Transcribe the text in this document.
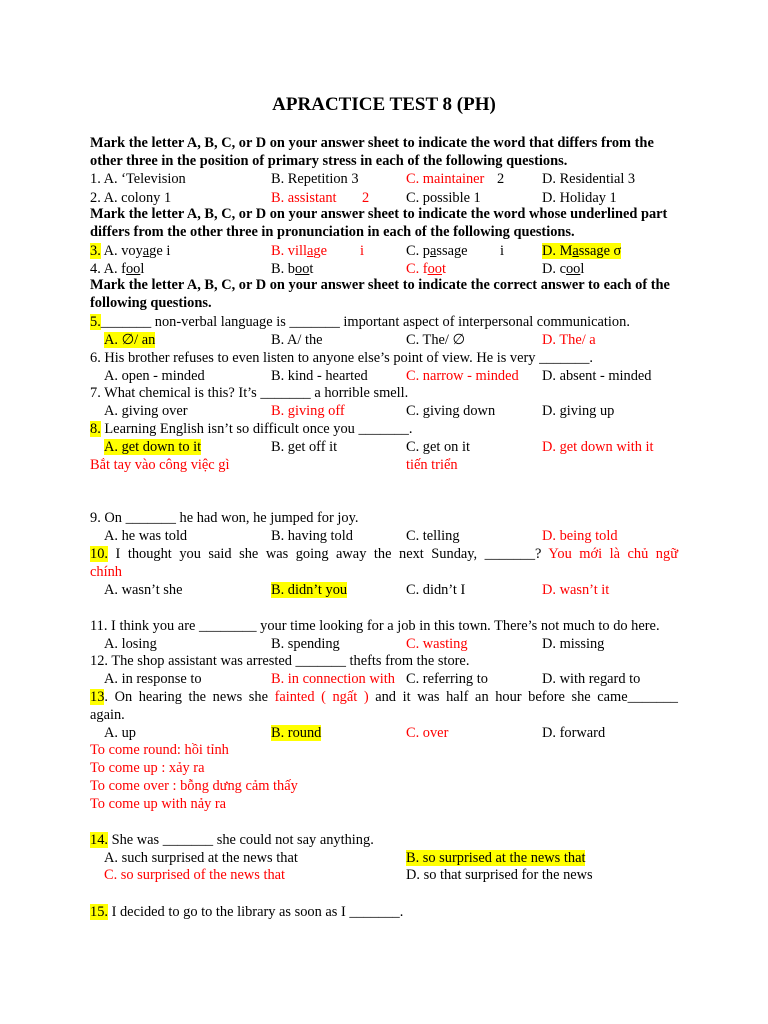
APRACTICE TEST 8 (PH)
Mark the letter A, B, C, or D on your answer sheet to indicate the word that differs from the other three in the position of primary stress in each of the following questions.
1. A. ‘Television	B. Repetition 3	C. maintainer 2	D. Residential 3
2. A. colony 1	B. assistant 2	C. possible 1	D. Holiday 1
Mark the letter A, B, C, or D on your answer sheet to indicate the word whose underlined part differs from the other three in pronunciation in each of the following questions.
3. A. voyage i	B. village i	C. passage i	D. Massage σ
4. A. fool	B. boot	C. foot	D. cool
Mark the letter A, B, C, or D on your answer sheet to indicate the correct answer to each of the following questions.
5._______ non-verbal language is _______ important aspect of interpersonal communication.
A. ∅/ an	B. A/ the	C. The/ ∅	D. The/ a
6. His brother refuses to even listen to anyone else’s point of view. He is very _______.
A. open - minded	B. kind - hearted	C. narrow - minded D. absent - minded
7. What chemical is this? It’s _______ a horrible smell.
A. giving over	B. giving off	C. giving down	D. giving up
8. Learning English isn’t so difficult once you _______.
A. get down to it	B. get off it	C. get on it	D. get down with it
Bắt tay vào công việc gì	tiến triển
9. On _______ he had won, he jumped for joy.
A. he was told	B. having told	C. telling	D. being told
10. I thought you said she was going away the next Sunday, _______? You mới là chủ ngữ
chính
A. wasn’t she	B. didn’t you	C. didn’t I	D. wasn’t it
11. I think you are ________ your time looking for a job in this town. There’s not much to do here.
A. losing	B. spending	C. wasting	D. missing
12. The shop assistant was arrested _______ thefts from the store.
A. in response to	B. in connection with C. referring to	D. with regard to
13. On hearing the news she fainted ( ngất ) and it was half an hour before she came_______
again.
A. up	B. round	C. over	D. forward
To come round: hồi tỉnh
To come up : xảy ra
To come over : bỗng dưng cảm thấy
To come up with nảy ra
14. She was _______ she could not say anything.
A. such surprised at the news that	B. so surprised at the news that
C. so surprised of the news that	D. so that surprised for the news
15. I decided to go to the library as soon as I _______.
